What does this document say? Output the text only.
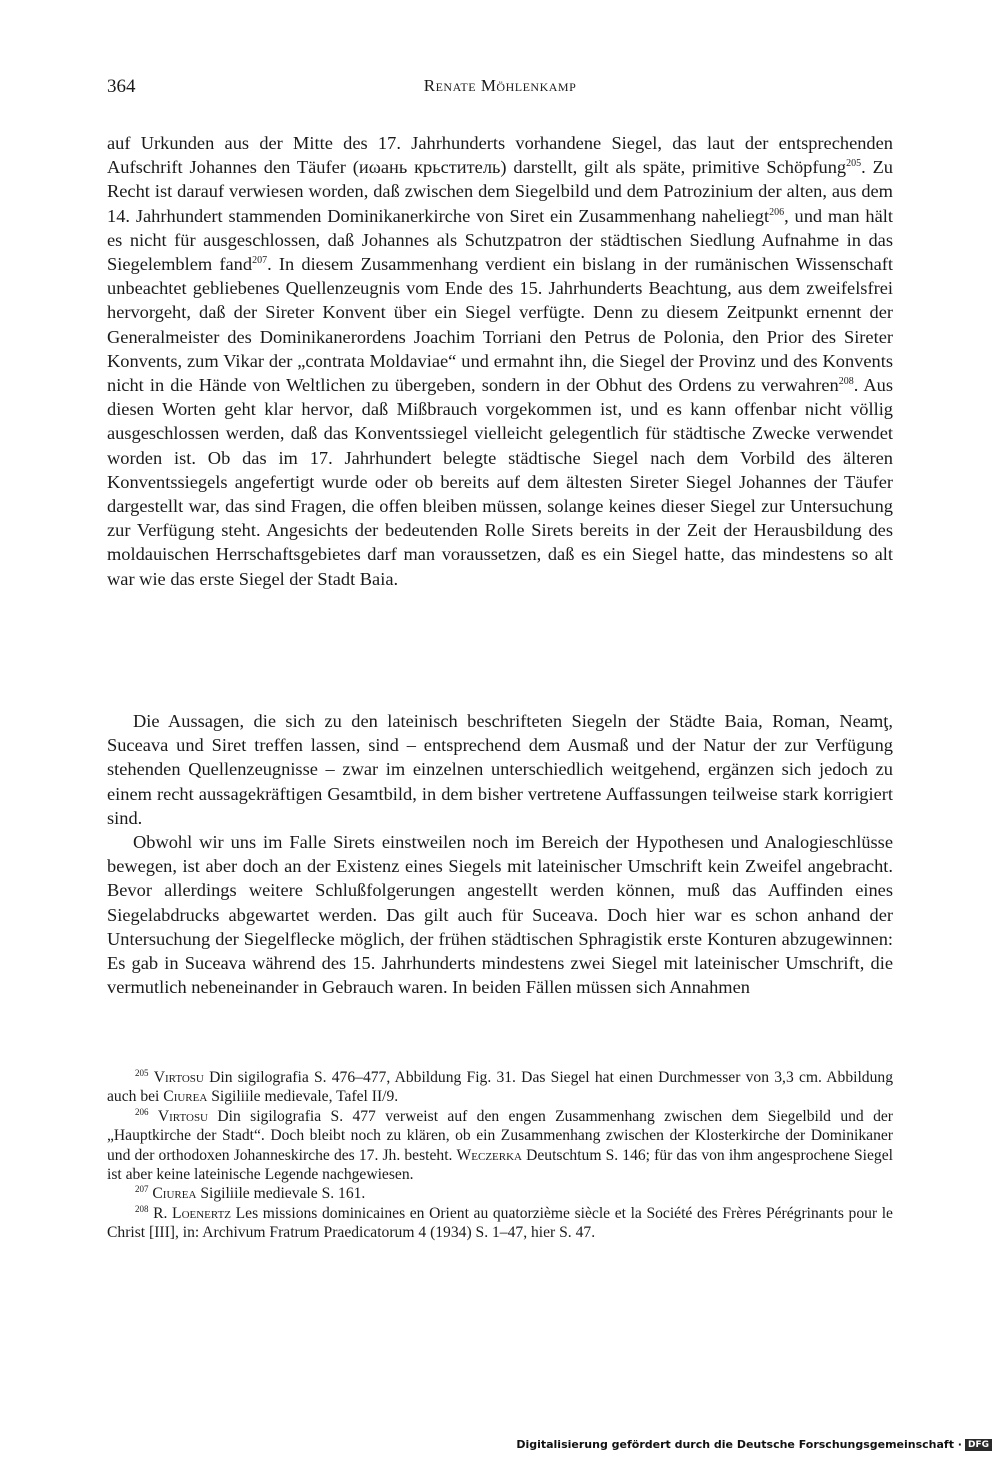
364	Renate Möhlenkamp

auf Urkunden aus der Mitte des 17. Jahrhunderts vorhandene Siegel, das laut der entsprechenden Aufschrift Johannes den Täufer (иωань крьститель) darstellt, gilt als späte, primitive Schöpfung$^{205}$. Zu Recht ist darauf verwiesen worden, daß zwischen dem Siegelbild und dem Patrozinium der alten, aus dem 14. Jahrhundert stammenden Dominikanerkirche von Siret ein Zusammenhang naheliegt$^{206}$, und man hält es nicht für ausgeschlossen, daß Johannes als Schutzpatron der städtischen Siedlung Aufnahme in das Siegelemblem fand$^{207}$. In diesem Zusammenhang verdient ein bislang in der rumänischen Wissenschaft unbeachtet gebliebenes Quellenzeugnis vom Ende des 15. Jahrhunderts Beachtung, aus dem zweifelsfrei hervorgeht, daß der Sireter Konvent über ein Siegel verfügte. Denn zu diesem Zeitpunkt ernennt der Generalmeister des Dominikanerordens Joachim Torriani den Petrus de Polonia, den Prior des Sireter Konvents, zum Vikar der „contrata Moldaviae“ und ermahnt ihn, die Siegel der Provinz und des Konvents nicht in die Hände von Weltlichen zu übergeben, sondern in der Obhut des Ordens zu verwahren$^{208}$. Aus diesen Worten geht klar hervor, daß Mißbrauch vorgekommen ist, und es kann offenbar nicht völlig ausgeschlossen werden, daß das Konventssiegel vielleicht gelegentlich für städtische Zwecke verwendet worden ist. Ob das im 17. Jahrhundert belegte städtische Siegel nach dem Vorbild des älteren Konventssiegels angefertigt wurde oder ob bereits auf dem ältesten Sireter Siegel Johannes der Täufer dargestellt war, das sind Fragen, die offen bleiben müssen, solange keines dieser Siegel zur Untersuchung zur Verfügung steht. Angesichts der bedeutenden Rolle Sirets bereits in der Zeit der Herausbildung des moldauischen Herrschaftsgebietes darf man voraussetzen, daß es ein Siegel hatte, das mindestens so alt war wie das erste Siegel der Stadt Baia.

Die Aussagen, die sich zu den lateinisch beschrifteten Siegeln der Städte Baia, Roman, Neamţ, Suceava und Siret treffen lassen, sind – entsprechend dem Ausmaß und der Natur der zur Verfügung stehenden Quellenzeugnisse – zwar im einzelnen unterschiedlich weitgehend, ergänzen sich jedoch zu einem recht aussagekräftigen Gesamtbild, in dem bisher vertretene Auffassungen teilweise stark korrigiert sind.

Obwohl wir uns im Falle Sirets einstweilen noch im Bereich der Hypothesen und Analogieschlüsse bewegen, ist aber doch an der Existenz eines Siegels mit lateinischer Umschrift kein Zweifel angebracht. Bevor allerdings weitere Schlußfolgerungen angestellt werden können, muß das Auffinden eines Siegelabdrucks abgewartet werden. Das gilt auch für Suceava. Doch hier war es schon anhand der Untersuchung der Siegelflecke möglich, der frühen städtischen Sphragistik erste Konturen abzugewinnen: Es gab in Suceava während des 15. Jahrhunderts mindestens zwei Siegel mit lateinischer Umschrift, die vermutlich nebeneinander in Gebrauch waren. In beiden Fällen müssen sich Annahmen

$^{205}$ Virtosu Din sigilografia S. 476–477, Abbildung Fig. 31. Das Siegel hat einen Durchmesser von 3,3 cm. Abbildung auch bei Ciurea Sigiliile medievale, Tafel II/9.

$^{206}$ Virtosu Din sigilografia S. 477 verweist auf den engen Zusammenhang zwischen dem Siegelbild und der „Hauptkirche der Stadt“. Doch bleibt noch zu klären, ob ein Zusammenhang zwischen der Klosterkirche der Dominikaner und der orthodoxen Johanneskirche des 17. Jh. besteht. Weczerka Deutschtum S. 146; für das von ihm angesprochene Siegel ist aber keine lateinische Legende nachgewiesen.

$^{207}$ Ciurea Sigiliile medievale S. 161.

$^{208}$ R. Loenertz Les missions dominicaines en Orient au quatorzième siècle et la Société des Frères Pérégrinants pour le Christ [III], in: Archivum Fratrum Praedicatorum 4 (1934) S. 1–47, hier S. 47.

Digitalisierung gefördert durch die Deutsche Forschungsgemeinschaft · DFG
